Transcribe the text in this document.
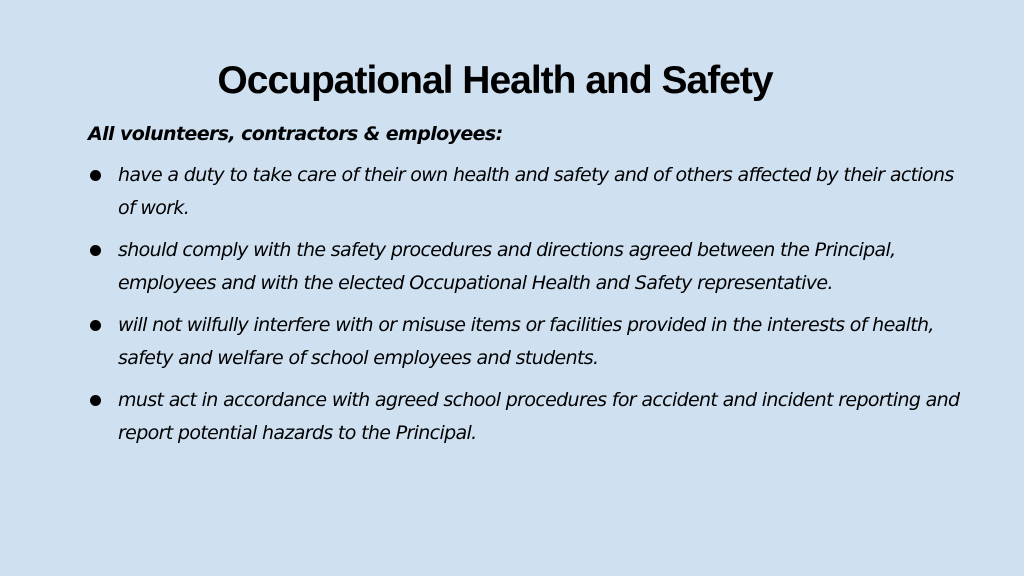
Occupational Health and Safety
All volunteers, contractors & employees:
have a duty to take care of their own health and safety and of others affected by their actions of work.
should comply with the safety procedures and directions agreed between the Principal, employees and with the elected Occupational Health and Safety representative.
will not wilfully interfere with or misuse items or facilities provided in the interests of health, safety and welfare of school employees and students.
must act in accordance with agreed school procedures for accident and incident reporting and report potential hazards to the Principal.
